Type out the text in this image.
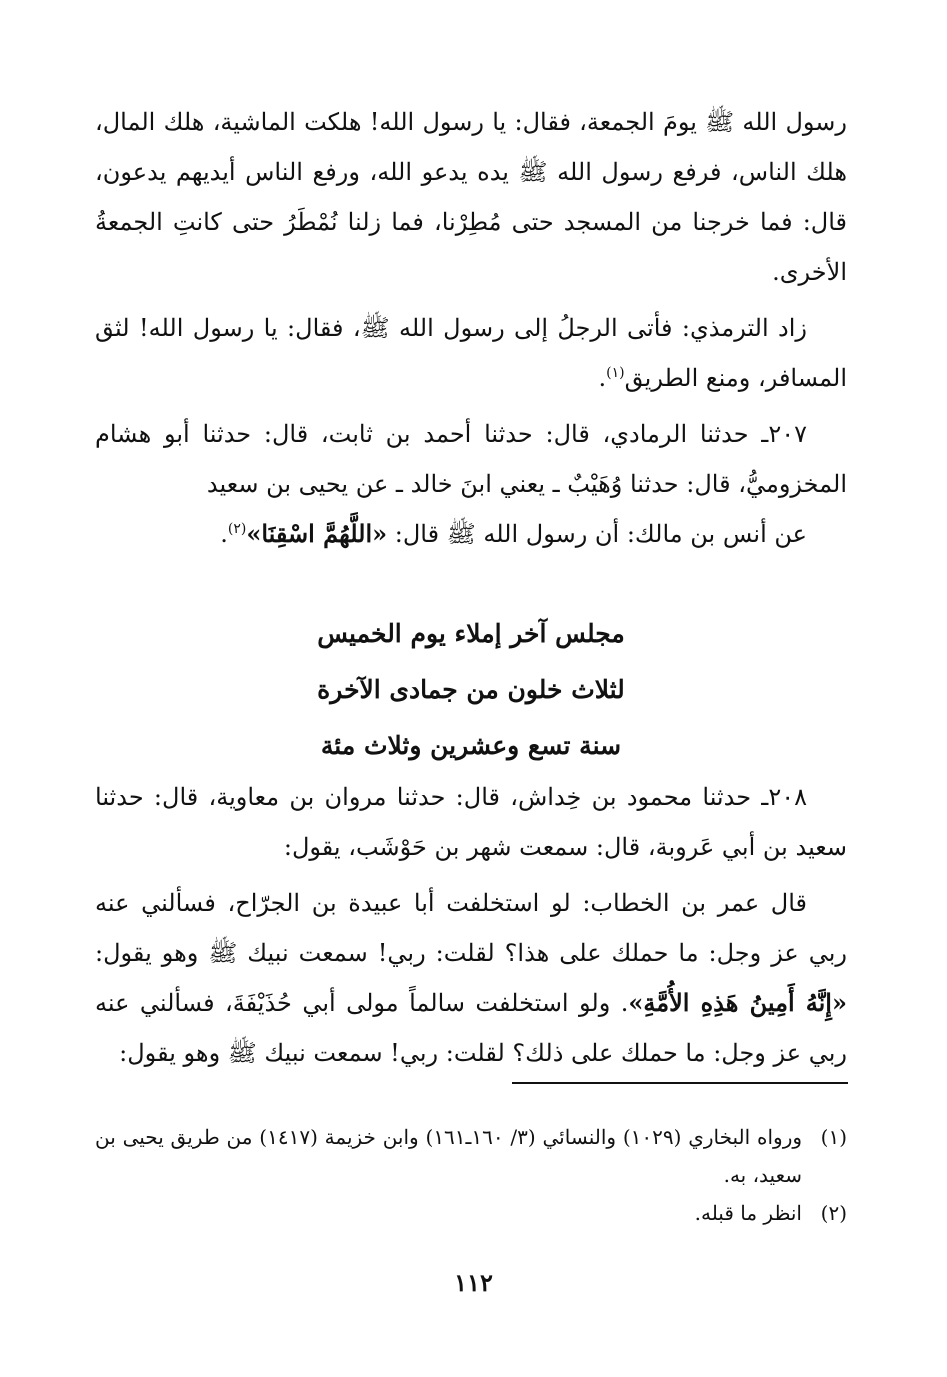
رسول الله ﷺ يومَ الجمعة، فقال: يا رسول الله! هلكت الماشية، هلك المال، هلك الناس، فرفع رسول الله ﷺ يده يدعو الله، ورفع الناس أيديهم يدعون، قال: فما خرجنا من المسجد حتى مُطِرْنا، فما زلنا نُمْطَرُ حتى كانتِ الجمعةُ الأخرى.

زاد الترمذي: فأتى الرجلُ إلى رسول الله ﷺ، فقال: يا رسول الله! لثق المسافر، ومنع الطريق$^{(١)}$.

٢٠٧ـ حدثنا الرمادي، قال: حدثنا أحمد بن ثابت، قال: حدثنا أبو هشام المخزوميُّ، قال: حدثنا وُهَيْبٌ ـ يعني ابنَ خالد ـ عن يحيى بن سعيد

عن أنس بن مالك: أن رسول الله ﷺ قال: «اللَّهُمَّ اسْقِنَا»$^{(٢)}$.

مجلس آخر إملاء يوم الخميس
لثلاث خلون من جمادى الآخرة
سنة تسع وعشرين وثلاث مئة

٢٠٨ـ حدثنا محمود بن خِداش، قال: حدثنا مروان بن معاوية، قال: حدثنا سعيد بن أبي عَروبة، قال: سمعت شهر بن حَوْشَب، يقول:

قال عمر بن الخطاب: لو استخلفت أبا عبيدة بن الجرّاح، فسألني عنه ربي عز وجل: ما حملك على هذا؟ لقلت: ربي! سمعت نبيك ﷺ وهو يقول: «إِنَّهُ أَمِينُ هَذِهِ الأُمَّةِ». ولو استخلفت سالماً مولى أبي حُذَيْفَةَ، فسألني عنه ربي عز وجل: ما حملك على ذلك؟ لقلت: ربي! سمعت نبيك ﷺ وهو يقول:

(١)
ورواه البخاري (١٠٢٩) والنسائي (٣/ ١٦٠ـ١٦١) وابن خزيمة (١٤١٧) من طريق يحيى بن سعيد، به.
(٢)
انظر ما قبله.
١١٢
